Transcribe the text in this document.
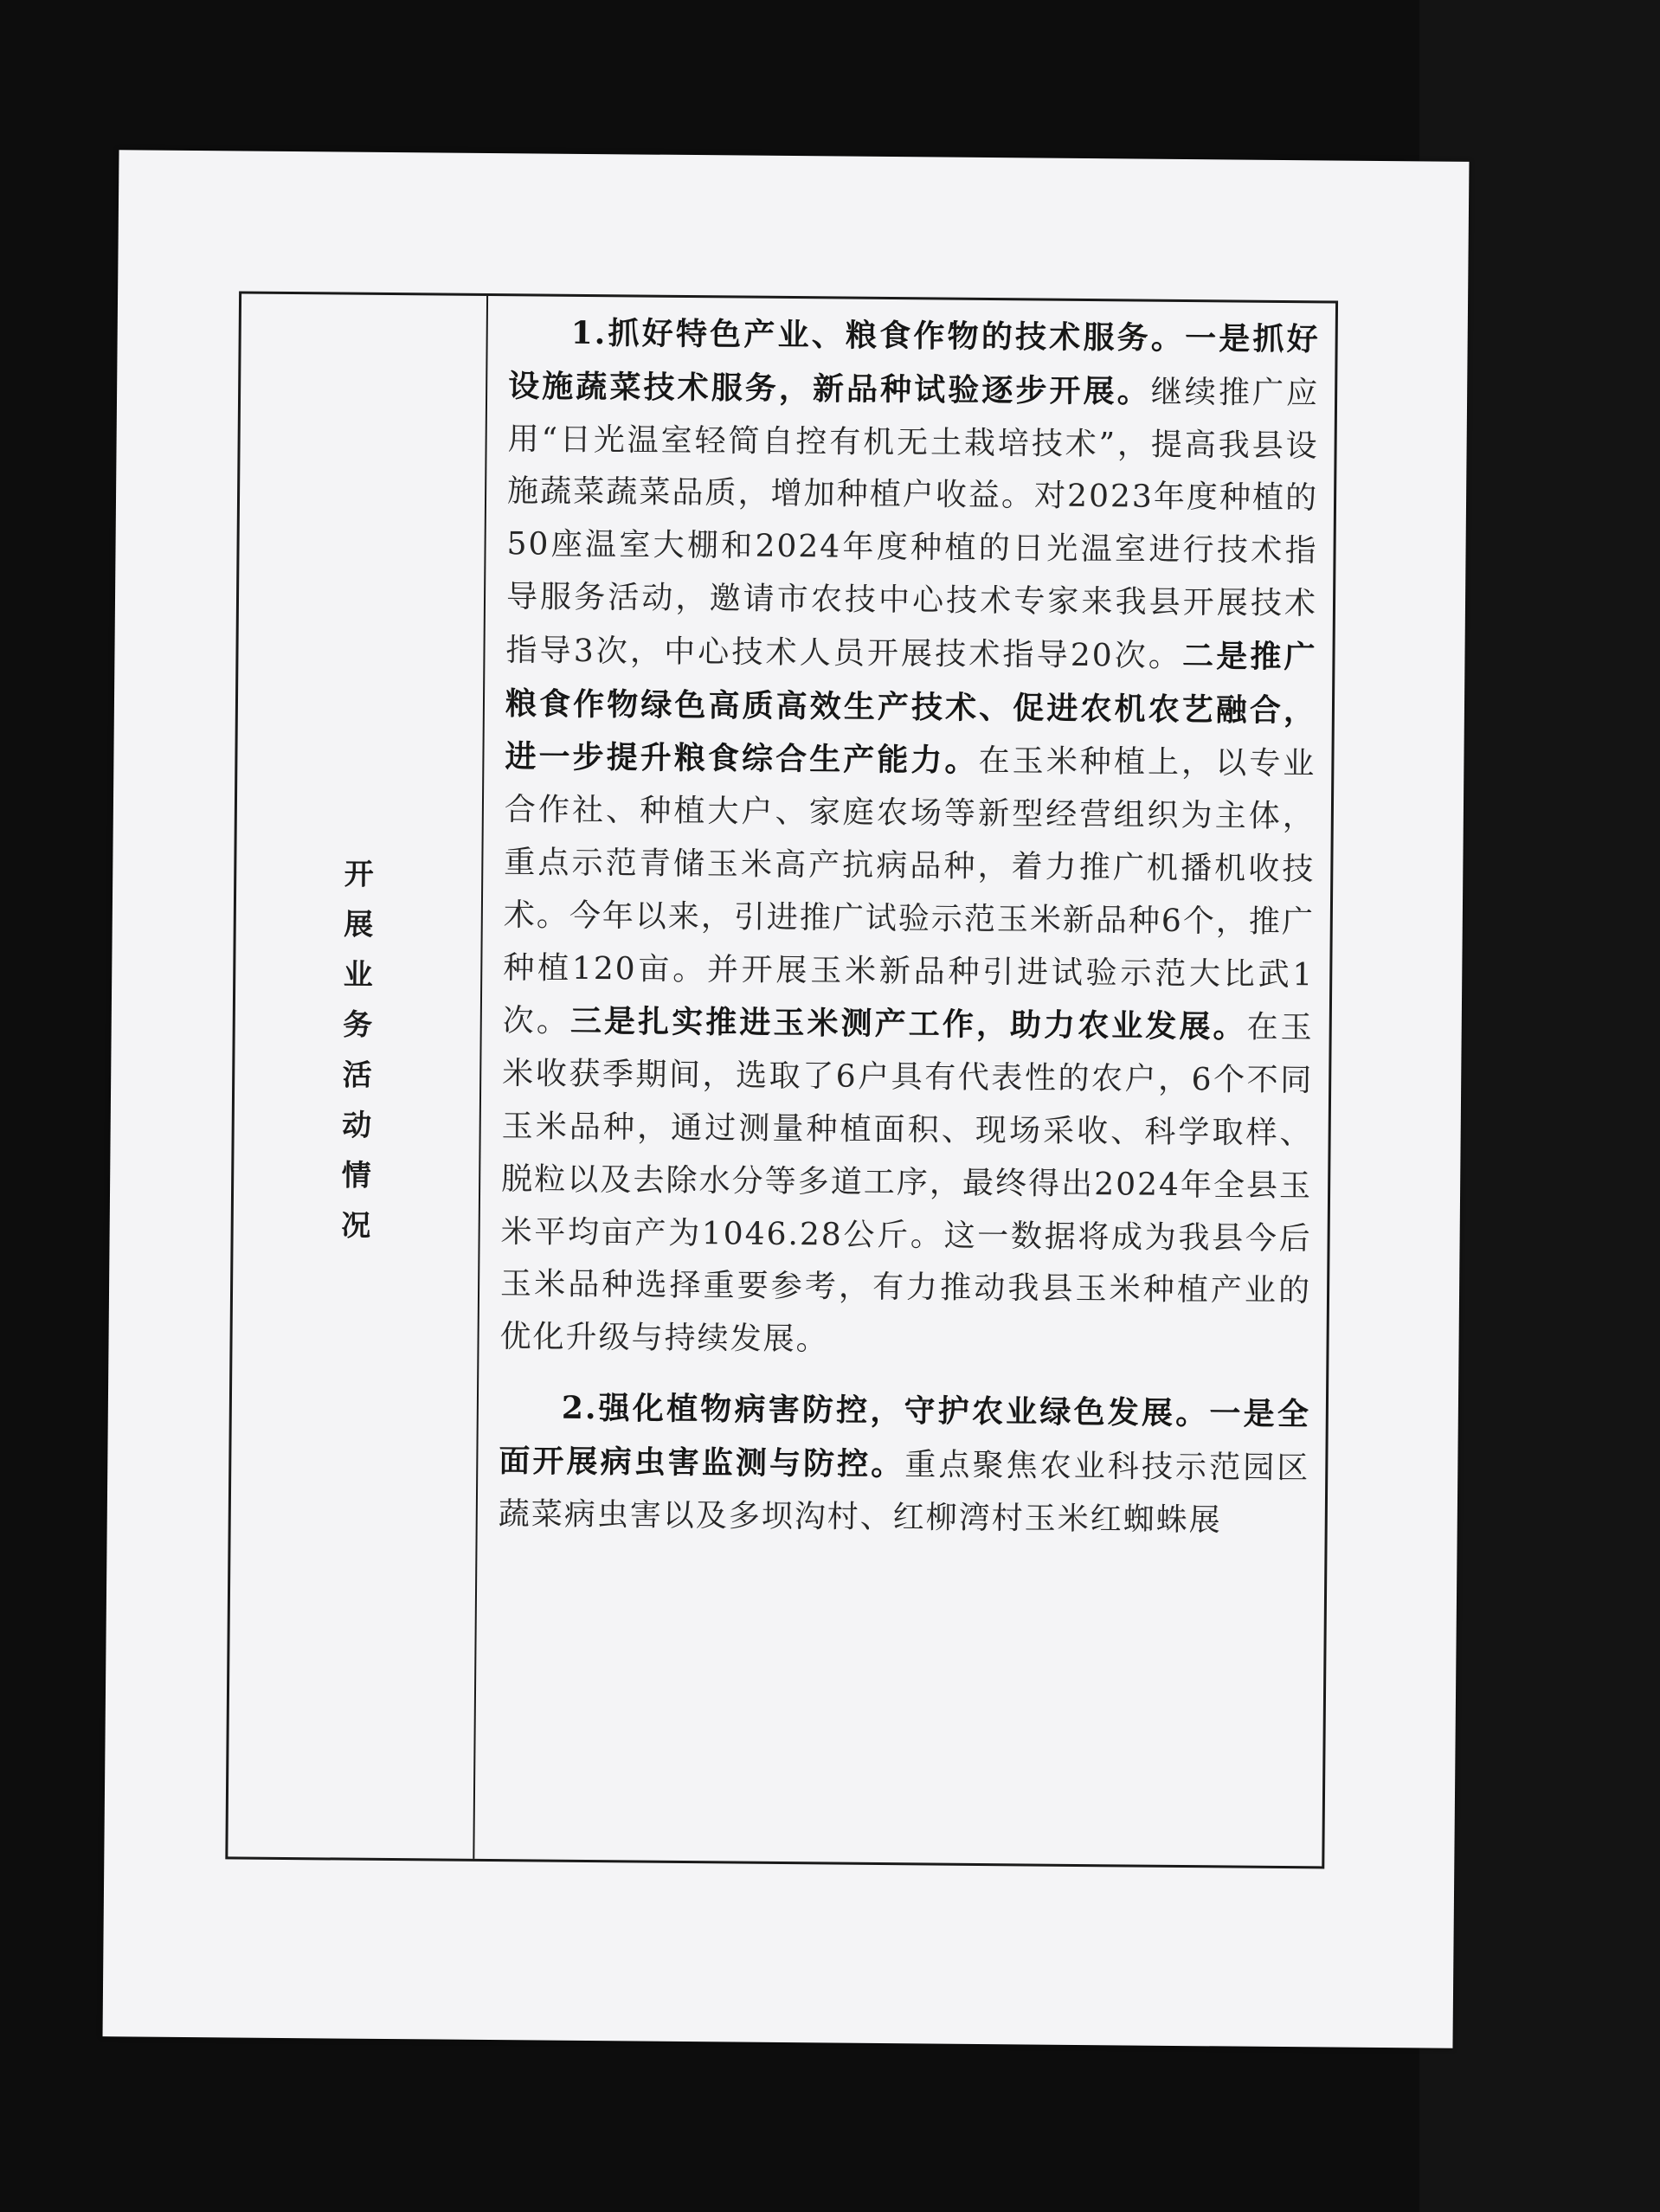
开
展
业
务
活
动
情
况

1.抓好特色产业、粮食作物的技术服务。一是抓好设施蔬菜技术服务，新品种试验逐步开展。继续推广应用“日光温室轻简自控有机无土栽培技术”，提高我县设施蔬菜蔬菜品质，增加种植户收益。对2023年度种植的50座温室大棚和2024年度种植的日光温室进行技术指导服务活动，邀请市农技中心技术专家来我县开展技术指导3次，中心技术人员开展技术指导20次。二是推广粮食作物绿色高质高效生产技术、促进农机农艺融合，进一步提升粮食综合生产能力。在玉米种植上，以专业合作社、种植大户、家庭农场等新型经营组织为主体，重点示范青储玉米高产抗病品种，着力推广机播机收技术。今年以来，引进推广试验示范玉米新品种6个，推广种植120亩。并开展玉米新品种引进试验示范大比武1次。三是扎实推进玉米测产工作，助力农业发展。在玉米收获季期间，选取了6户具有代表性的农户，6个不同玉米品种，通过测量种植面积、现场采收、科学取样、脱粒以及去除水分等多道工序，最终得出2024年全县玉米平均亩产为1046.28公斤。这一数据将成为我县今后玉米品种选择重要参考，有力推动我县玉米种植产业的优化升级与持续发展。

2.强化植物病害防控，守护农业绿色发展。一是全面开展病虫害监测与防控。重点聚焦农业科技示范园区蔬菜病虫害以及多坝沟村、红柳湾村玉米红蜘蛛展
